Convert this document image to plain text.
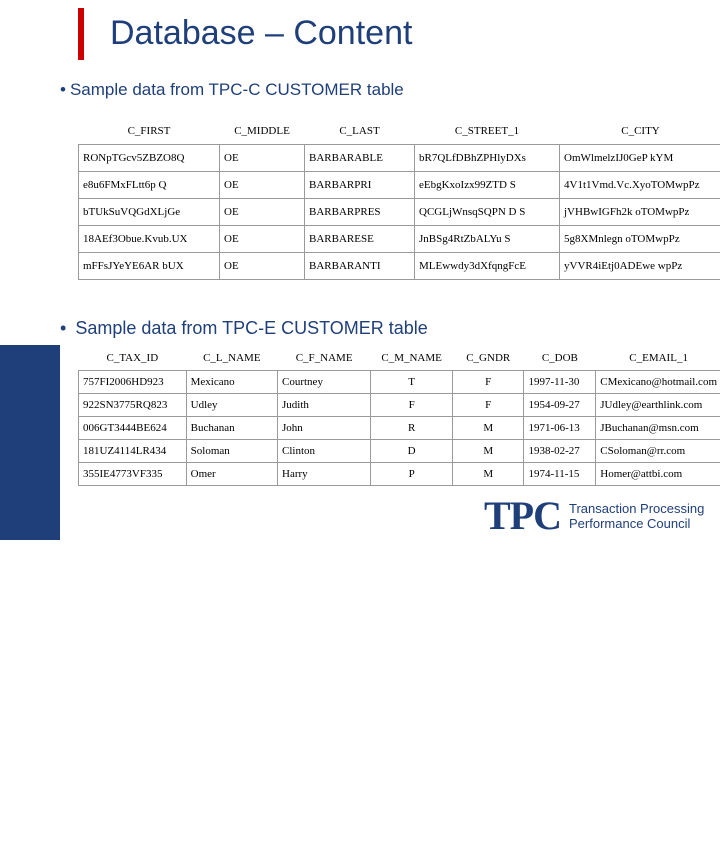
TPC - E
Database – Content
• Sample data from TPC-C CUSTOMER table
C_FIRST	C_MIDDLE	C_LAST	C_STREET_1	C_CITY
RONpTGcv5ZBZO8Q	OE	BARBARABLE	bR7QLfDBhZPHlyDXs	OmWlmelzIJ0GeP kYM
e8u6FMxFLtt6p Q	OE	BARBARPRI	eEbgKxoIzx99ZTD S	4V1t1Vmd.Vc.XyoTOMwpPz
bTUkSuVQGdXLjGe	OE	BARBARPRES	QCGLjWnsqSQPN D S	jVHBwIGFh2k oTOMwpPz
18AEf3Obue.Kvub.UX	OE	BARBARESE	JnBSg4RtZbALYu S	5g8XMnlegn oTOMwpPz
mFFsJYeYE6AR bUX	OE	BARBARANTI	MLEwwdy3dXfqngFcE	yVVR4iEtj0ADEwe wpPz
• Sample data from TPC-E CUSTOMER table
C_TAX_ID	C_L_NAME	C_F_NAME	C_M_NAME	C_GNDR	C_DOB	C_EMAIL_1
757FI2006HD923	Mexicano	Courtney	T	F	1997-11-30	CMexicano@hotmail.com
922SN3775RQ823	Udley	Judith	F	F	1954-09-27	JUdley@earthlink.com
006GT3444BE624	Buchanan	John	R	M	1971-06-13	JBuchanan@msn.com
181UZ4114LR434	Soloman	Clinton	D	M	1938-02-27	CSoloman@rr.com
355IE4773VF335	Omer	Harry	P	M	1974-11-15	Homer@attbi.com
TPC Transaction Processing
Performance Council
